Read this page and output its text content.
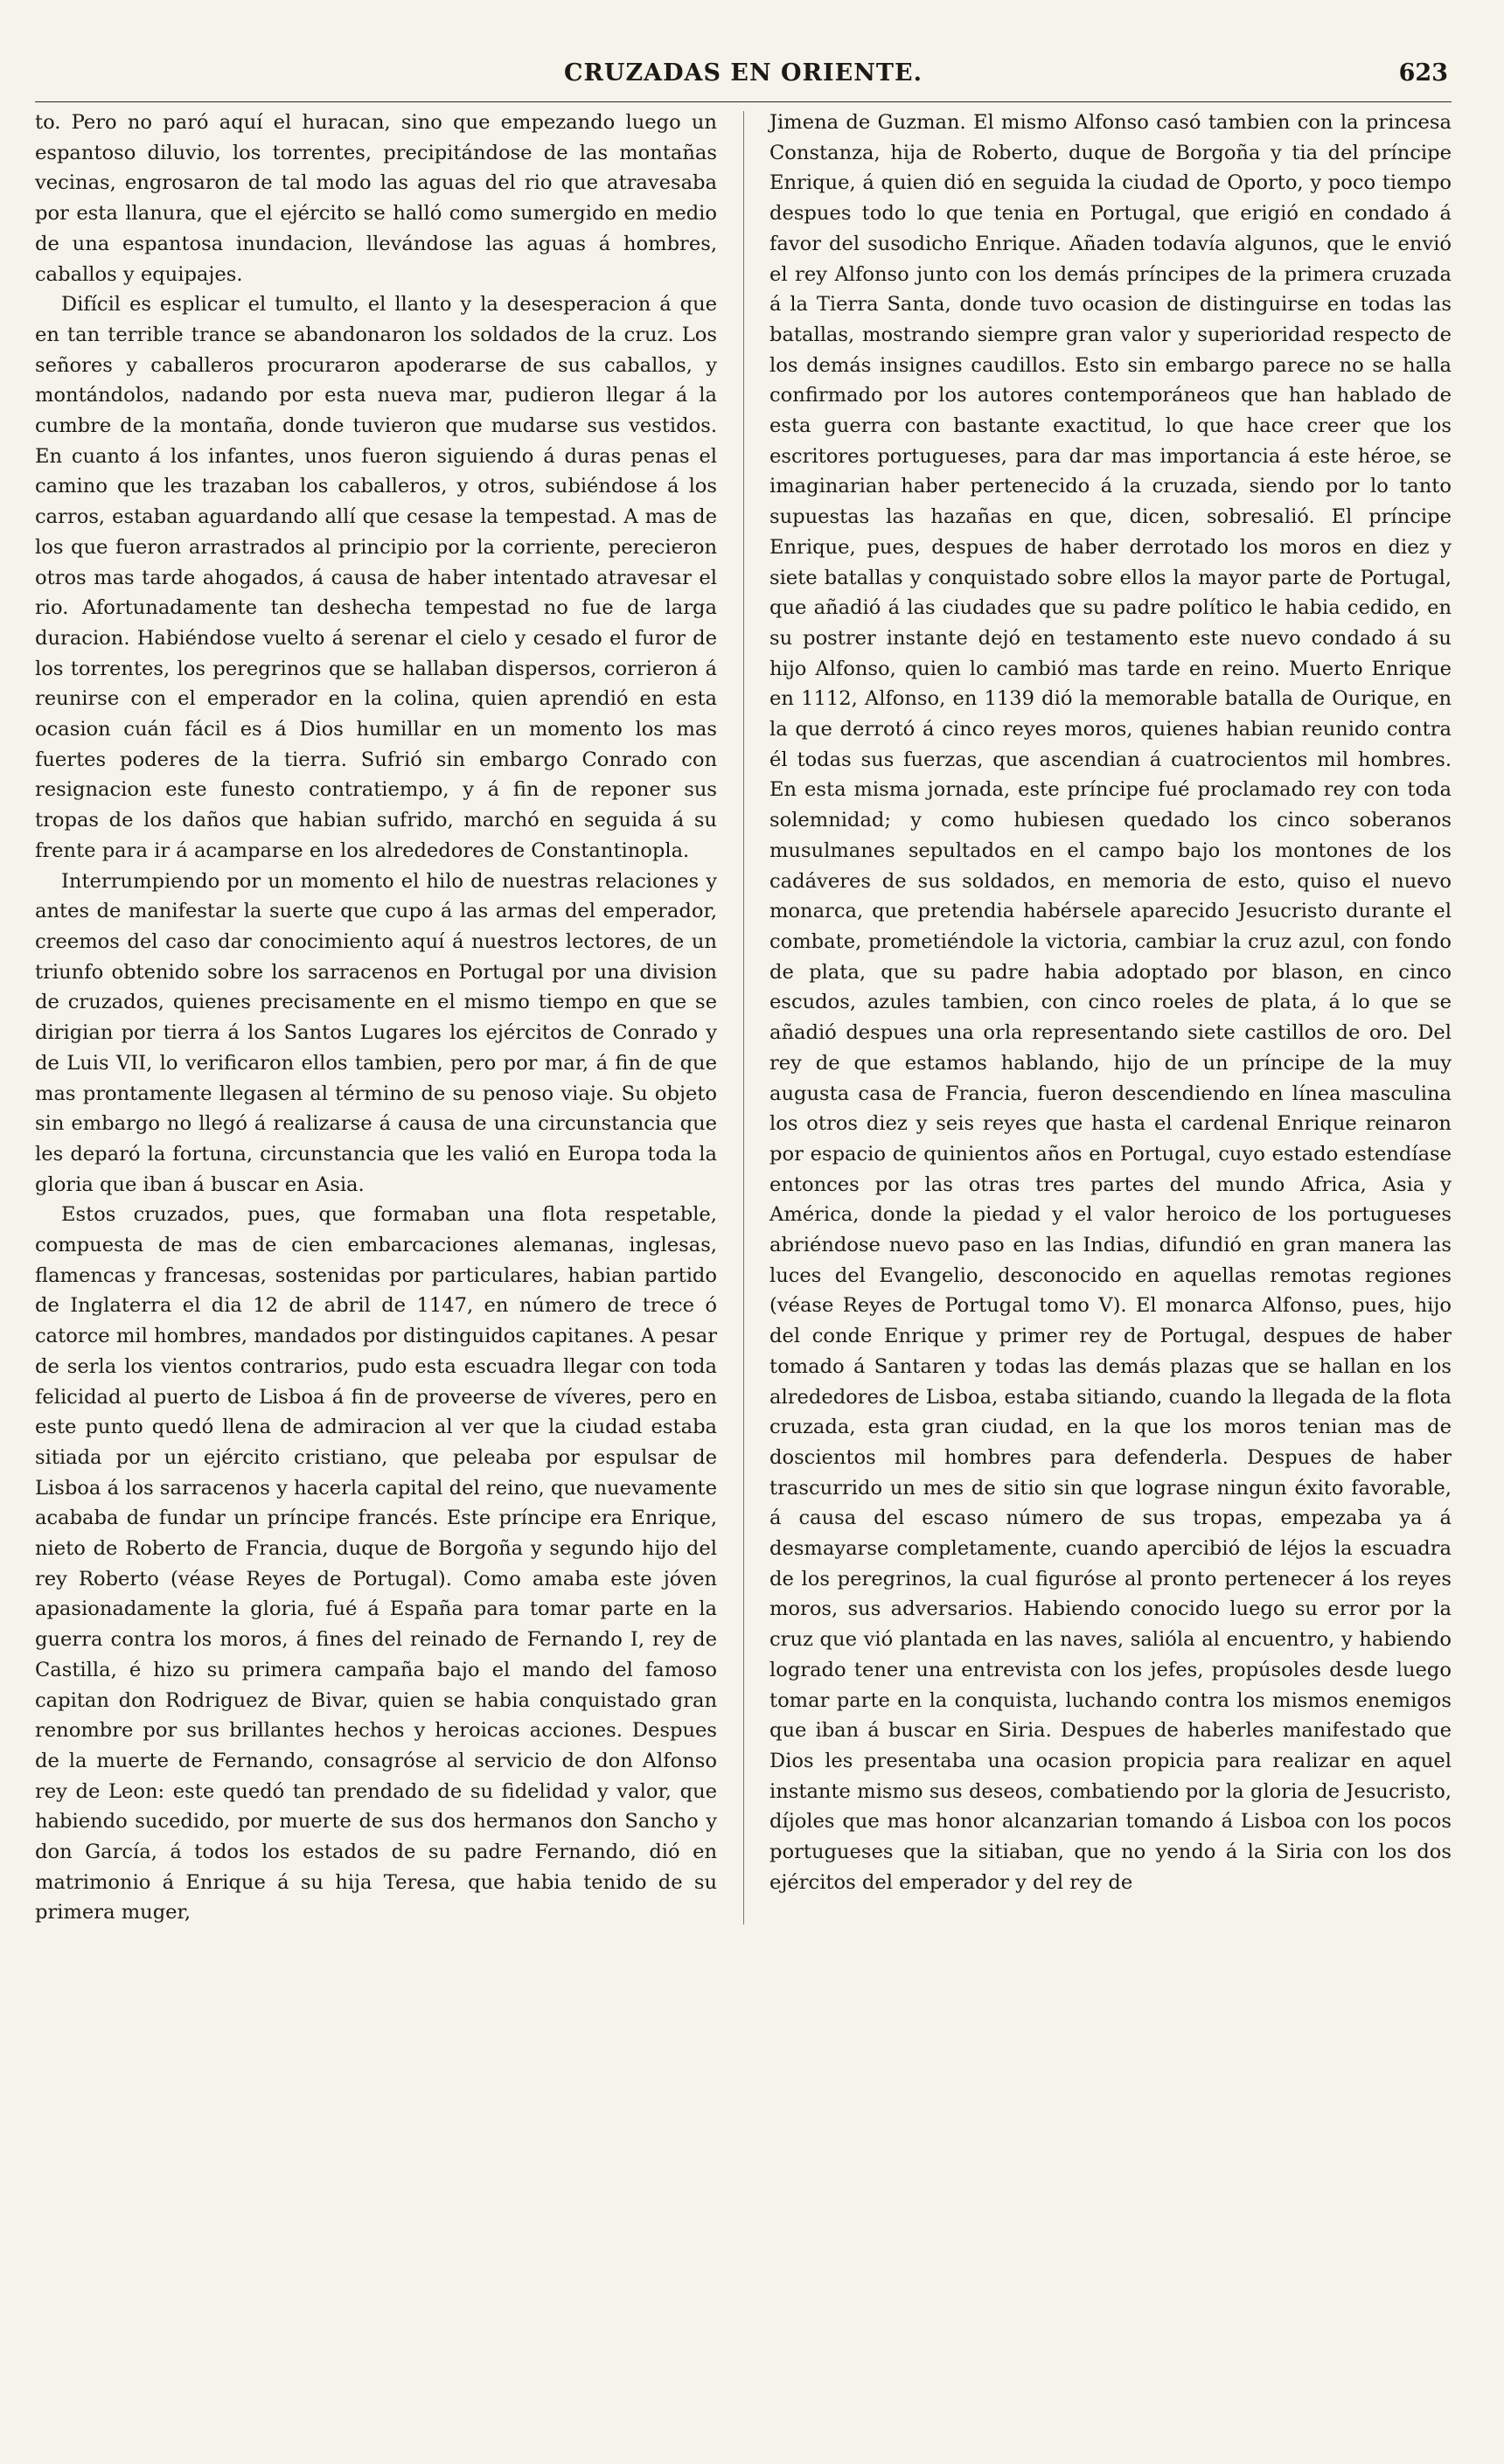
CRUZADAS EN ORIENTE.	623

to. Pero no paró aquí el huracan, sino que empezando luego un espantoso diluvio, los torrentes, precipitándose de las montañas vecinas, engrosaron de tal modo las aguas del rio que atravesaba por esta llanura, que el ejército se halló como sumergido en medio de una espantosa inundacion, llevándose las aguas á hombres, caballos y equipajes.

Difícil es esplicar el tumulto, el llanto y la desesperacion á que en tan terrible trance se abandonaron los soldados de la cruz. Los señores y caballeros procuraron apoderarse de sus caballos, y montándolos, nadando por esta nueva mar, pudieron llegar á la cumbre de la montaña, donde tuvieron que mudarse sus vestidos. En cuanto á los infantes, unos fueron siguiendo á duras penas el camino que les trazaban los caballeros, y otros, subiéndose á los carros, estaban aguardando allí que cesase la tempestad. A mas de los que fueron arrastrados al principio por la corriente, perecieron otros mas tarde ahogados, á causa de haber intentado atravesar el rio. Afortunadamente tan deshecha tempestad no fue de larga duracion. Habiéndose vuelto á serenar el cielo y cesado el furor de los torrentes, los peregrinos que se hallaban dispersos, corrieron á reunirse con el emperador en la colina, quien aprendió en esta ocasion cuán fácil es á Dios humillar en un momento los mas fuertes poderes de la tierra. Sufrió sin embargo Conrado con resignacion este funesto contratiempo, y á fin de reponer sus tropas de los daños que habian sufrido, marchó en seguida á su frente para ir á acamparse en los alrededores de Constantinopla.

Interrumpiendo por un momento el hilo de nuestras relaciones y antes de manifestar la suerte que cupo á las armas del emperador, creemos del caso dar conocimiento aquí á nuestros lectores, de un triunfo obtenido sobre los sarracenos en Portugal por una division de cruzados, quienes precisamente en el mismo tiempo en que se dirigian por tierra á los Santos Lugares los ejércitos de Conrado y de Luis VII, lo verificaron ellos tambien, pero por mar, á fin de que mas prontamente llegasen al término de su penoso viaje. Su objeto sin embargo no llegó á realizarse á causa de una circunstancia que les deparó la fortuna, circunstancia que les valió en Europa toda la gloria que iban á buscar en Asia.

Estos cruzados, pues, que formaban una flota respetable, compuesta de mas de cien embarcaciones alemanas, inglesas, flamencas y francesas, sostenidas por particulares, habian partido de Inglaterra el dia 12 de abril de 1147, en número de trece ó catorce mil hombres, mandados por distinguidos capitanes. A pesar de serla los vientos contrarios, pudo esta escuadra llegar con toda felicidad al puerto de Lisboa á fin de proveerse de víveres, pero en este punto quedó llena de admiracion al ver que la ciudad estaba sitiada por un ejército cristiano, que peleaba por espulsar de Lisboa á los sarracenos y hacerla capital del reino, que nuevamente acababa de fundar un príncipe francés. Este príncipe era Enrique, nieto de Roberto de Francia, duque de Borgoña y segundo hijo del rey Roberto (véase Reyes de Portugal). Como amaba este jóven apasionadamente la gloria, fué á España para tomar parte en la guerra contra los moros, á fines del reinado de Fernando I, rey de Castilla, é hizo su primera campaña bajo el mando del famoso capitan don Rodriguez de Bivar, quien se habia conquistado gran renombre por sus brillantes hechos y heroicas acciones. Despues de la muerte de Fernando, consagróse al servicio de don Alfonso rey de Leon: este quedó tan prendado de su fidelidad y valor, que habiendo sucedido, por muerte de sus dos hermanos don Sancho y don García, á todos los estados de su padre Fernando, dió en matrimonio á Enrique á su hija Teresa, que habia tenido de su primera muger,

Jimena de Guzman. El mismo Alfonso casó tambien con la princesa Constanza, hija de Roberto, duque de Borgoña y tia del príncipe Enrique, á quien dió en seguida la ciudad de Oporto, y poco tiempo despues todo lo que tenia en Portugal, que erigió en condado á favor del susodicho Enrique. Añaden todavía algunos, que le envió el rey Alfonso junto con los demás príncipes de la primera cruzada á la Tierra Santa, donde tuvo ocasion de distinguirse en todas las batallas, mostrando siempre gran valor y superioridad respecto de los demás insignes caudillos. Esto sin embargo parece no se halla confirmado por los autores contemporáneos que han hablado de esta guerra con bastante exactitud, lo que hace creer que los escritores portugueses, para dar mas importancia á este héroe, se imaginarian haber pertenecido á la cruzada, siendo por lo tanto supuestas las hazañas en que, dicen, sobresalió. El príncipe Enrique, pues, despues de haber derrotado los moros en diez y siete batallas y conquistado sobre ellos la mayor parte de Portugal, que añadió á las ciudades que su padre político le habia cedido, en su postrer instante dejó en testamento este nuevo condado á su hijo Alfonso, quien lo cambió mas tarde en reino. Muerto Enrique en 1112, Alfonso, en 1139 dió la memorable batalla de Ourique, en la que derrotó á cinco reyes moros, quienes habian reunido contra él todas sus fuerzas, que ascendian á cuatrocientos mil hombres. En esta misma jornada, este príncipe fué proclamado rey con toda solemnidad; y como hubiesen quedado los cinco soberanos musulmanes sepultados en el campo bajo los montones de los cadáveres de sus soldados, en memoria de esto, quiso el nuevo monarca, que pretendia habérsele aparecido Jesucristo durante el combate, prometiéndole la victoria, cambiar la cruz azul, con fondo de plata, que su padre habia adoptado por blason, en cinco escudos, azules tambien, con cinco roeles de plata, á lo que se añadió despues una orla representando siete castillos de oro. Del rey de que estamos hablando, hijo de un príncipe de la muy augusta casa de Francia, fueron descendiendo en línea masculina los otros diez y seis reyes que hasta el cardenal Enrique reinaron por espacio de quinientos años en Portugal, cuyo estado estendíase entonces por las otras tres partes del mundo Africa, Asia y América, donde la piedad y el valor heroico de los portugueses abriéndose nuevo paso en las Indias, difundió en gran manera las luces del Evangelio, desconocido en aquellas remotas regiones (véase Reyes de Portugal tomo V). El monarca Alfonso, pues, hijo del conde Enrique y primer rey de Portugal, despues de haber tomado á Santaren y todas las demás plazas que se hallan en los alrededores de Lisboa, estaba sitiando, cuando la llegada de la flota cruzada, esta gran ciudad, en la que los moros tenian mas de doscientos mil hombres para defenderla. Despues de haber trascurrido un mes de sitio sin que lograse ningun éxito favorable, á causa del escaso número de sus tropas, empezaba ya á desmayarse completamente, cuando apercibió de léjos la escuadra de los peregrinos, la cual figuróse al pronto pertenecer á los reyes moros, sus adversarios. Habiendo conocido luego su error por la cruz que vió plantada en las naves, salióla al encuentro, y habiendo logrado tener una entrevista con los jefes, propúsoles desde luego tomar parte en la conquista, luchando contra los mismos enemigos que iban á buscar en Siria. Despues de haberles manifestado que Dios les presentaba una ocasion propicia para realizar en aquel instante mismo sus deseos, combatiendo por la gloria de Jesucristo, díjoles que mas honor alcanzarian tomando á Lisboa con los pocos portugueses que la sitiaban, que no yendo á la Siria con los dos ejércitos del emperador y del rey de
